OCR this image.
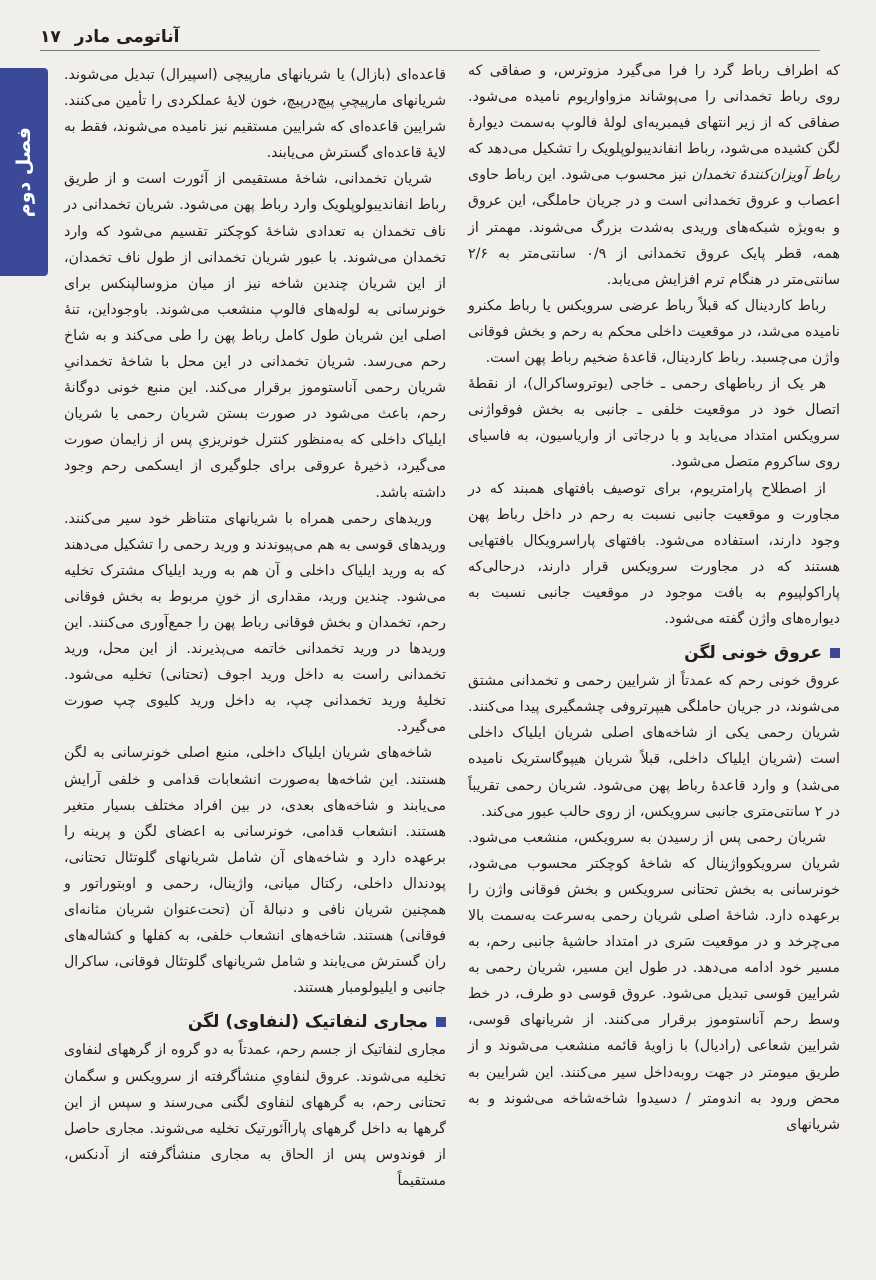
آناتومی مادر
۱۷
فصل دوم

که اطراف رباط گرد را فرا می‌گیرد مزوترس، و صفاقی که روی رباط تخمدانی را می‌پوشاند مزواواریوم نامیده می‌شود. صفاقی که از زیر انتهای فیمبریه‌ای لولهٔ فالوپ به‌سمت دیوارهٔ لگن کشیده می‌شود، رباط انفاندیبولوپلویک را تشکیل می‌دهد که رباط آویزان‌کنندهٔ تخمدان نیز محسوب می‌شود. این رباط حاوی اعصاب و عروق تخمدانی است و در جریان حاملگی، این عروق و به‌ویژه شبکه‌های وریدی به‌شدت بزرگ می‌شوند. مهمتر از همه، قطر پایک عروق تخمدانی از ۰/۹ سانتی‌متر به ۲/۶ سانتی‌متر در هنگام ترم افزایش می‌یابد.

رباط کاردینال که قبلاً رباط عرضی سرویکس یا رباط مکنرو نامیده می‌شد، در موقعیت داخلی محکم به رحم و بخش فوقانی واژن می‌چسبد. رباط کاردینال، قاعدهٔ ضخیم رباط پهن است.

هر یک از رباطهای رحمی ـ خاجی (یوتروساکرال)، از نقطهٔ اتصال خود در موقعیت خلفی ـ جانبی به بخش فوقواژنی سرویکس امتداد می‌یابد و با درجاتی از واریاسیون، به فاسیای روی ساکروم متصل می‌شود.

از اصطلاح پارامتریوم، برای توصیف بافتهای همبند که در مجاورت و موقعیت جانبی نسبت به رحم در داخل رباط پهن وجود دارند، استفاده می‌شود. بافتهای پاراسرویکال بافتهایی هستند که در مجاورت سرویکس قرار دارند، درحالی‌که پاراکولپیوم به بافت موجود در موقعیت جانبی نسبت به دیواره‌های واژن گفته می‌شود.

عروق خونی لگن

عروق خونی رحم که عمدتاً از شرایین رحمی و تخمدانی مشتق می‌شوند، در جریان حاملگی هیپرتروفی چشمگیری پیدا می‌کنند. شریان رحمی یکی از شاخه‌های اصلی شریان ایلیاک داخلی است (شریان ایلیاک داخلی، قبلاً شریان هیپوگاستریک نامیده می‌شد) و وارد قاعدهٔ رباط پهن می‌شود. شریان رحمی تقریباً در ۲ سانتی‌متری جانبی سرویکس، از روی حالب عبور می‌کند.

شریان رحمی پس از رسیدن به سرویکس، منشعب می‌شود. شریان سرویکوواژینال که شاخهٔ کوچکتر محسوب می‌شود، خونرسانی به بخش تحتانی سرویکس و بخش فوقانی واژن را برعهده دارد. شاخهٔ اصلی شریان رحمی به‌سرعت به‌سمت بالا می‌چرخد و در موقعیت سَری در امتداد حاشیهٔ جانبی رحم، به مسیر خود ادامه می‌دهد. در طول این مسیر، شریان رحمی به شرایین قوسی تبدیل می‌شود. عروق قوسی دو طرف، در خط وسط رحم آناستوموز برقرار می‌کنند. از شریانهای قوسی، شرایین شعاعی (رادیال) با زاویهٔ قائمه منشعب می‌شوند و از طریق میومتر در جهت روبه‌داخل سیر می‌کنند. این شرایین به محض ورود به اندومتر / دسیدوا شاخه‌شاخه می‌شوند و به شریانهای

قاعده‌ای (بازال) یا شریانهای مارپیچی (اسپیرال) تبدیل می‌شوند. شریانهای مارپیچیِ پیچ‌درپیچ، خون لایهٔ عملکردی را تأمین می‌کنند. شرایین قاعده‌ای که شرایین مستقیم نیز نامیده می‌شوند، فقط به لایهٔ قاعده‌ای گسترش می‌یابند.

شریان تخمدانی، شاخهٔ مستقیمی از آئورت است و از طریق رباط انفاندیبولوپلویک وارد رباط پهن می‌شود. شریان تخمدانی در ناف تخمدان به تعدادی شاخهٔ کوچکتر تقسیم می‌شود که وارد تخمدان می‌شوند. با عبور شریان تخمدانی از طول ناف تخمدان، از این شریان چندین شاخه نیز از میان مزوسالپنکس برای خونرسانی به لوله‌های فالوپ منشعب می‌شوند. باوجوداین، تنهٔ اصلی این شریان طول کامل رباط پهن را طی می‌کند و به شاخ رحم می‌رسد. شریان تخمدانی در این محل با شاخهٔ تخمدانیِ شریان رحمی آناستوموز برقرار می‌کند. این منبع خونی دوگانهٔ رحم، باعث می‌شود در صورت بستن شریان رحمی یا شریان ایلیاک داخلی که به‌منظور کنترل خونریزیِ پس از زایمان صورت می‌گیرد، ذخیرهٔ عروقی برای جلوگیری از ایسکمی رحم وجود داشته باشد.

وریدهای رحمی همراه با شریانهای متناظر خود سیر می‌کنند. وریدهای قوسی به هم می‌پیوندند و ورید رحمی را تشکیل می‌دهند که به ورید ایلیاک داخلی و آن هم به ورید ایلیاک مشترک تخلیه می‌شود. چندین ورید، مقداری از خونِ مربوط به بخش فوقانی رحم، تخمدان و بخش فوقانی رباط پهن را جمع‌آوری می‌کنند. این وریدها در ورید تخمدانی خاتمه می‌پذیرند. از این محل، ورید تخمدانی راست به داخل ورید اجوف (تحتانی) تخلیه می‌شود. تخلیهٔ ورید تخمدانی چپ، به داخل ورید کلیوی چپ صورت می‌گیرد.

شاخه‌های شریان ایلیاک داخلی، منبع اصلی خونرسانی به لگن هستند. این شاخه‌ها به‌صورت انشعابات قدامی و خلفی آرایش می‌یابند و شاخه‌های بعدی، در بین افراد مختلف بسیار متغیر هستند. انشعاب قدامی، خونرسانی به اعضای لگن و پرینه را برعهده دارد و شاخه‌های آن شامل شریانهای گلوتئال تحتانی، پودندال داخلی، رکتال میانی، واژینال، رحمی و اوبتوراتور و همچنین شریان نافی و دنبالهٔ آن (تحت‌عنوان شریان مثانه‌ای فوقانی) هستند. شاخه‌های انشعاب خلفی، به کفلها و کشاله‌های ران گسترش می‌یابند و شامل شریانهای گلوتئال فوقانی، ساکرال جانبی و ایلیولومبار هستند.

مجاری لنفاتیک (لنفاوی) لگن

مجاری لنفاتیک از جسم رحم، عمدتاً به دو گروه از گرههای لنفاوی تخلیه می‌شوند. عروق لنفاویِ منشأگرفته از سرویکس و سگمان تحتانی رحم، به گرههای لنفاوی لگنی می‌رسند و سپس از این گرهها به داخل گرههای پاراآئورتیک تخلیه می‌شوند. مجاری حاصل از فوندوس پس از الحاق به مجاری منشأگرفته از آدنکس، مستقیماً
